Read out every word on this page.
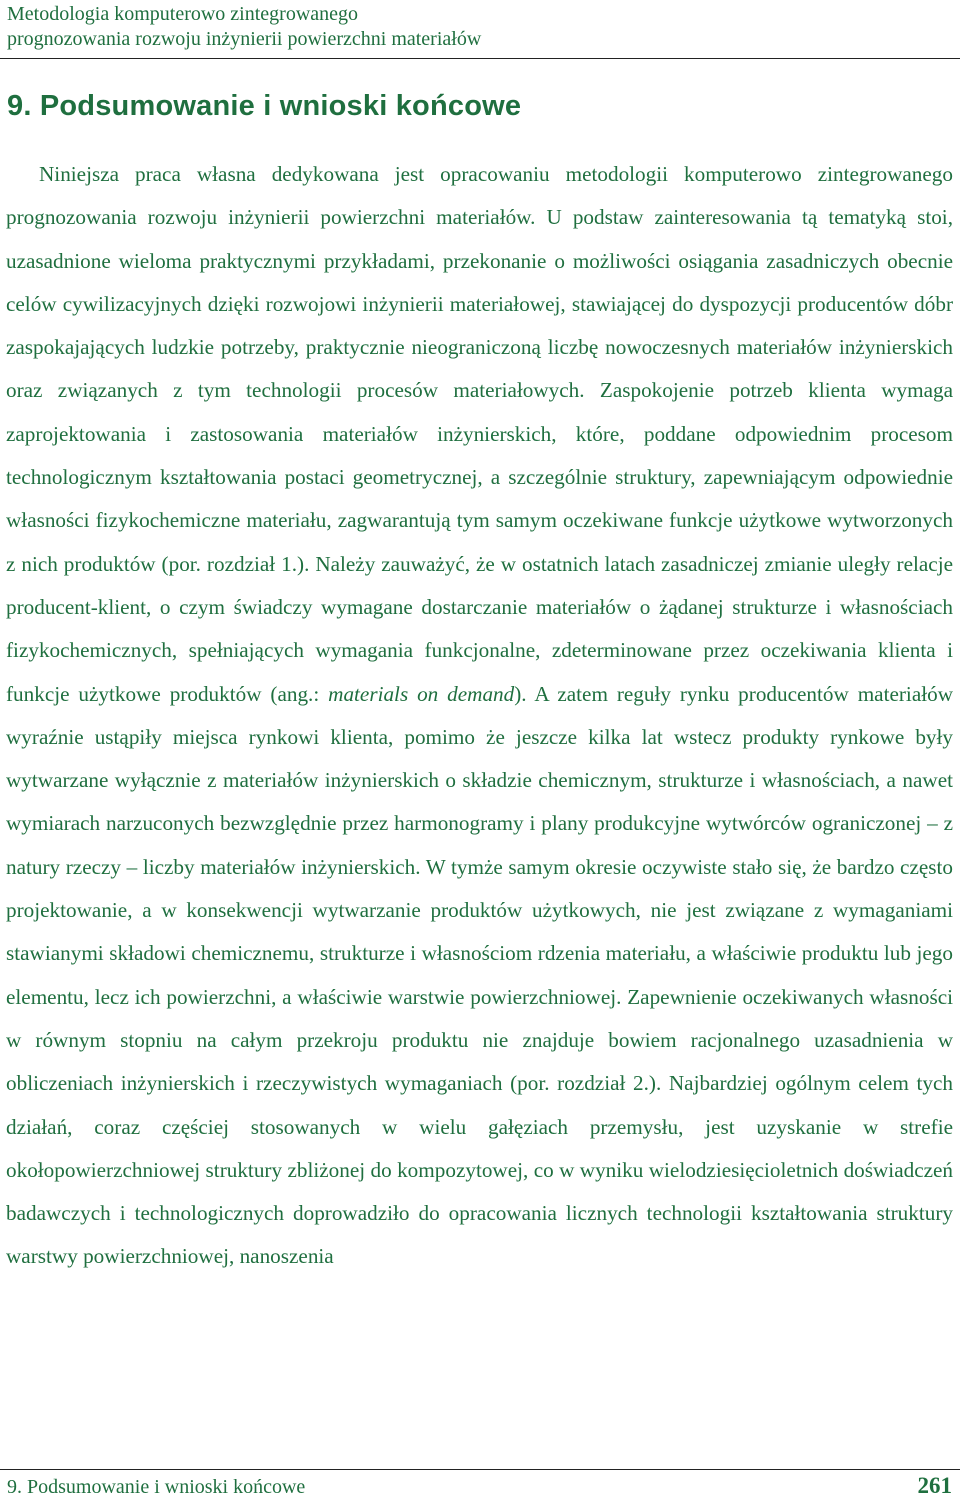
Metodologia komputerowo zintegrowanego
prognozowania rozwoju inżynierii powierzchni materiałów
9. Podsumowanie i wnioski końcowe

Niniejsza praca własna dedykowana jest opracowaniu metodologii komputerowo zintegrowanego prognozowania rozwoju inżynierii powierzchni materiałów. U podstaw zainteresowania tą tematyką stoi, uzasadnione wieloma praktycznymi przykładami, przekonanie o możliwości osiągania zasadniczych obecnie celów cywilizacyjnych dzięki rozwojowi inżynierii materiałowej, stawiającej do dyspozycji producentów dóbr zaspokajających ludzkie potrzeby, praktycznie nieograniczoną liczbę nowoczesnych materiałów inżynierskich oraz związanych z tym technologii procesów materiałowych. Zaspokojenie potrzeb klienta wymaga zaprojektowania i zastosowania materiałów inżynierskich, które, poddane odpowiednim procesom technologicznym kształtowania postaci geometrycznej, a szczególnie struktury, zapewniającym odpowiednie własności fizykochemiczne materiału, zagwarantują tym samym oczekiwane funkcje użytkowe wytworzonych z nich produktów (por. rozdział 1.). Należy zauważyć, że w ostatnich latach zasadniczej zmianie uległy relacje producent-klient, o czym świadczy wymagane dostarczanie materiałów o żądanej strukturze i własnościach fizykochemicznych, spełniających wymagania funkcjonalne, zdeterminowane przez oczekiwania klienta i funkcje użytkowe produktów (ang.: materials on demand). A zatem reguły rynku producentów materiałów wyraźnie ustąpiły miejsca rynkowi klienta, pomimo że jeszcze kilka lat wstecz produkty rynkowe były wytwarzane wyłącznie z materiałów inżynierskich o składzie chemicznym, strukturze i własnościach, a nawet wymiarach narzuconych bezwzględnie przez harmonogramy i plany produkcyjne wytwórców ograniczonej – z natury rzeczy – liczby materiałów inżynierskich. W tymże samym okresie oczywiste stało się, że bardzo często projektowanie, a w konsekwencji wytwarzanie produktów użytkowych, nie jest związane z wymaganiami stawianymi składowi chemicznemu, strukturze i własnościom rdzenia materiału, a właściwie produktu lub jego elementu, lecz ich powierzchni, a właściwie warstwie powierzchniowej. Zapewnienie oczekiwanych własności w równym stopniu na całym przekroju produktu nie znajduje bowiem racjonalnego uzasadnienia w obliczeniach inżynierskich i rzeczywistych wymaganiach (por. rozdział 2.). Najbardziej ogólnym celem tych działań, coraz częściej stosowanych w wielu gałęziach przemysłu, jest uzyskanie w strefie okołopowierzchniowej struktury zbliżonej do kompozytowej, co w wyniku wielodziesięcioletnich doświadczeń badawczych i technologicznych doprowadziło do opracowania licznych technologii kształtowania struktury warstwy powierzchniowej, nanoszenia

9. Podsumowanie i wnioski końcowe	261
